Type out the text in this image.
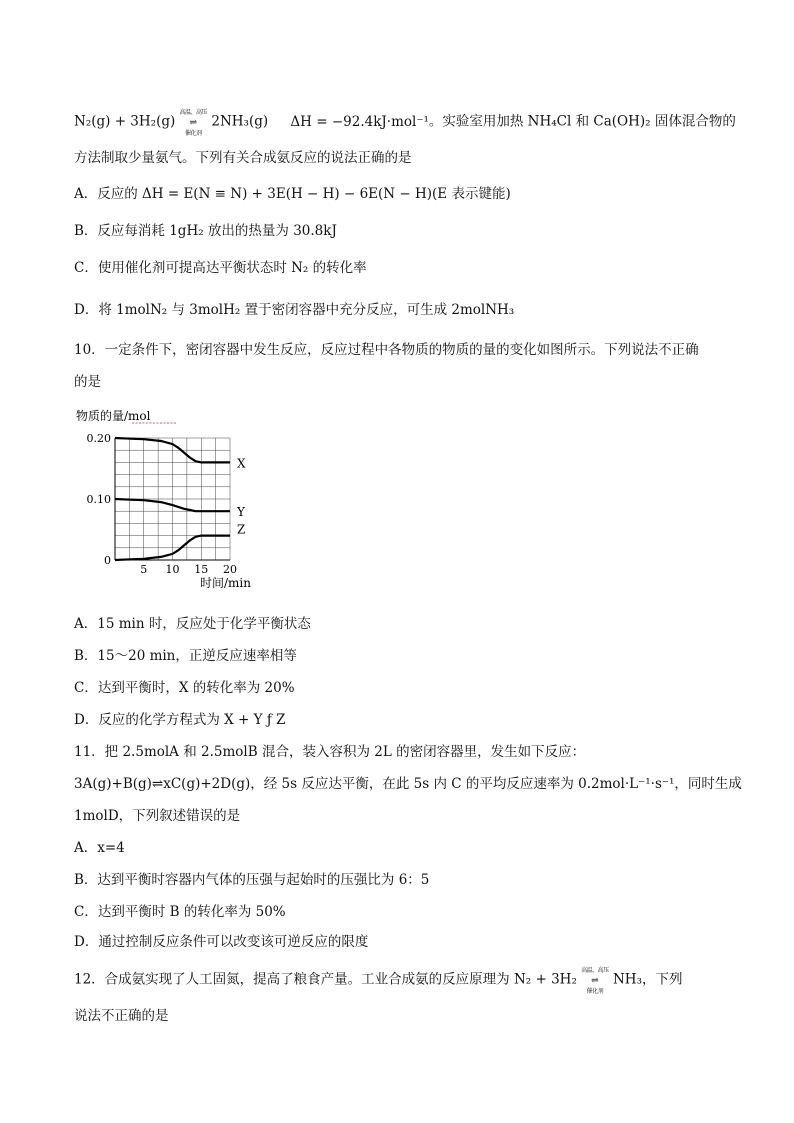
N₂(g) + 3H₂(g) 高温、高压
⇌
催化剂 2NH₃(g) ΔH = −92.4kJ·mol⁻¹。实验室用加热 NH₄Cl 和 Ca(OH)₂ 固体混合物的
方法制取少量氨气。下列有关合成氨反应的说法正确的是
A．反应的 ΔH = E(N ≡ N) + 3E(H − H) − 6E(N − H)(E 表示键能)
B．反应每消耗 1gH₂ 放出的热量为 30.8kJ
C．使用催化剂可提高达平衡状态时 N₂ 的转化率
D．将 1molN₂ 与 3molH₂ 置于密闭容器中充分反应，可生成 2molNH₃
10．一定条件下，密闭容器中发生反应，反应过程中各物质的物质的量的变化如图所示。下列说法不正确
的是
物质的量/mol
0.20
0.10
0
5 10 15 20
X
Y
Z
时间/min
A．15 min 时，反应处于化学平衡状态
B．15～20 min，正逆反应速率相等
C．达到平衡时，X 的转化率为 20%
D．反应的化学方程式为 X + Y ƒ Z
11．把 2.5molA 和 2.5molB 混合，装入容积为 2L 的密闭容器里，发生如下反应：
3A(g)+B(g)⇌xC(g)+2D(g)，经 5s 反应达平衡，在此 5s 内 C 的平均反应速率为 0.2mol·L⁻¹·s⁻¹，同时生成
1molD，下列叙述错误的是
A．x=4
B．达到平衡时容器内气体的压强与起始时的压强比为 6：5
C．达到平衡时 B 的转化率为 50%
D．通过控制反应条件可以改变该可逆反应的限度
12．合成氨实现了人工固氮，提高了粮食产量。工业合成氨的反应原理为 N₂ + 3H₂ 高温、高压
⇌
催化剂 NH₃，下列
说法不正确的是
